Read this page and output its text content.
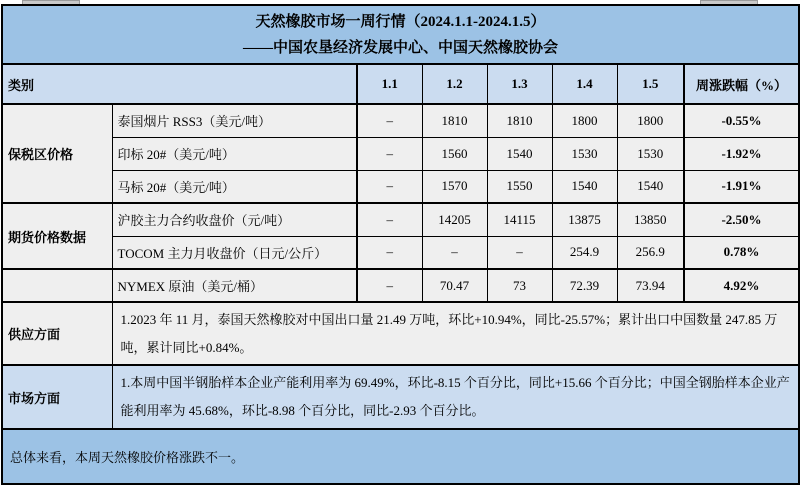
天然橡胶市场一周行情（2024.1.1-2024.1.5）
——中国农垦经济发展中心、中国天然橡胶协会							

类别		1.1	1.2	1.3	1.4	1.5	周涨跌幅（%）
保税区价格	泰国烟片 RSS3（美元/吨）	–	1810	1810	1800	1800	-0.55%
	印标 20#（美元/吨）	–	1560	1540	1530	1530	-1.92%
	马标 20#（美元/吨）	–	1570	1550	1540	1540	-1.91%
期货价格数据	沪胶主力合约收盘价（元/吨）	–	14205	14115	13875	13850	-2.50%
	TOCOM 主力月收盘价（日元/公斤）	–	–	–	254.9	256.9	0.78%
	NYMEX 原油（美元/桶）	–	70.47	73	72.39	73.94	4.92%
供应方面	1.2023 年 11 月，泰国天然橡胶对中国出口量 21.49 万吨，环比+10.94%，同比-25.57%；累计出口中国数量 247.85 万吨，累计同比+0.84%。						
市场方面	1.本周中国半钢胎样本企业产能利用率为 69.49%，环比-8.15 个百分比，同比+15.66 个百分比；中国全钢胎样本企业产能利用率为 45.68%，环比-8.98 个百分比，同比-2.93 个百分比。						
总体来看，本周天然橡胶价格涨跌不一。							
